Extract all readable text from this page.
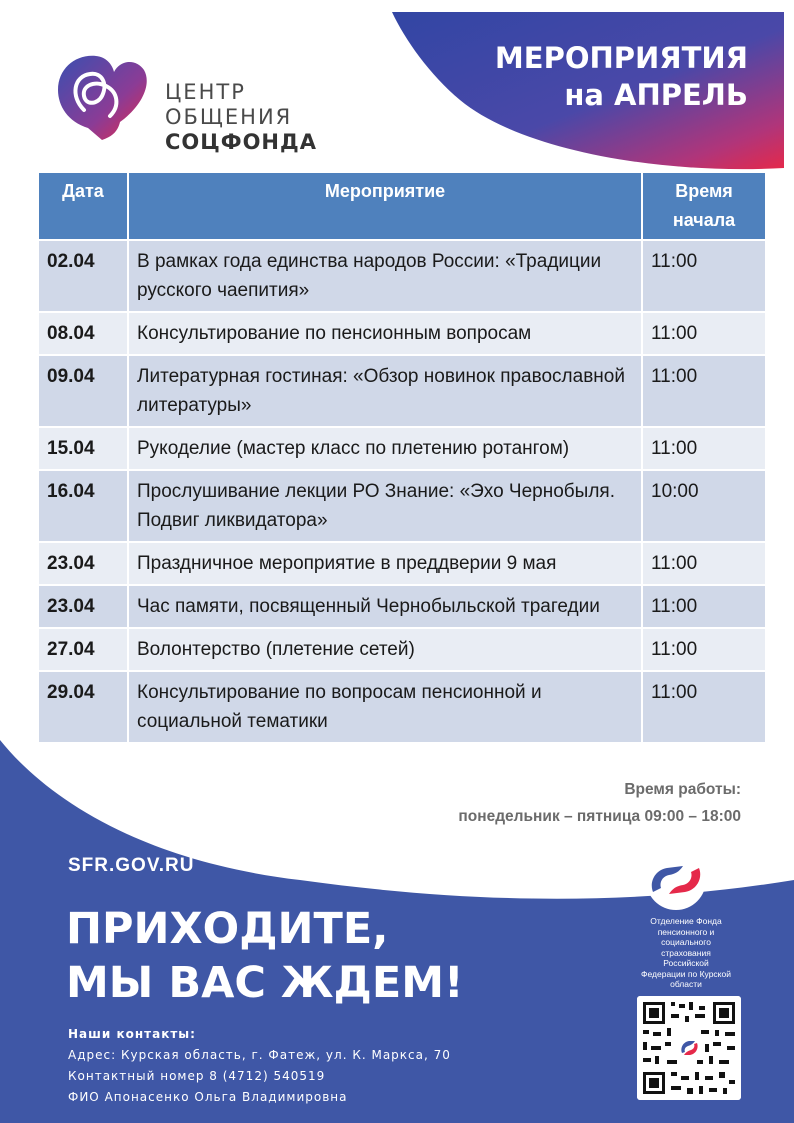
ЦЕНТР
ОБЩЕНИЯ
СОЦФОНДА
МЕРОПРИЯТИЯ
на АПРЕЛЬ
Дата	Мероприятие	Время начала
02.04	В рамках года единства народов России: «Традиции русского чаепития»	11:00
08.04	Консультирование по пенсионным вопросам	11:00
09.04	Литературная гостиная: «Обзор новинок православной литературы»	11:00
15.04	Рукоделие (мастер класс по плетению ротангом)	11:00
16.04	Прослушивание лекции РО Знание: «Эхо Чернобыля. Подвиг ликвидатора»	10:00
23.04	Праздничное мероприятие в преддверии 9 мая	11:00
23.04	Час памяти, посвященный Чернобыльской трагедии	11:00
27.04	Волонтерство (плетение сетей)	11:00
29.04	Консультирование по вопросам пенсионной и социальной тематики	11:00
Время работы:
понедельник – пятница 09:00 – 18:00
SFR.GOV.RU
ПРИХОДИТЕ,
МЫ ВАС ЖДЕМ!
Наши контакты:
Адрес: Курская область, г. Фатеж, ул. К. Маркса, 70
Контактный номер 8 (4712) 540519
ФИО Апонасенко Ольга Владимировна
Отделение Фонда пенсионного и социального страхования Российской Федерации по Курской области
